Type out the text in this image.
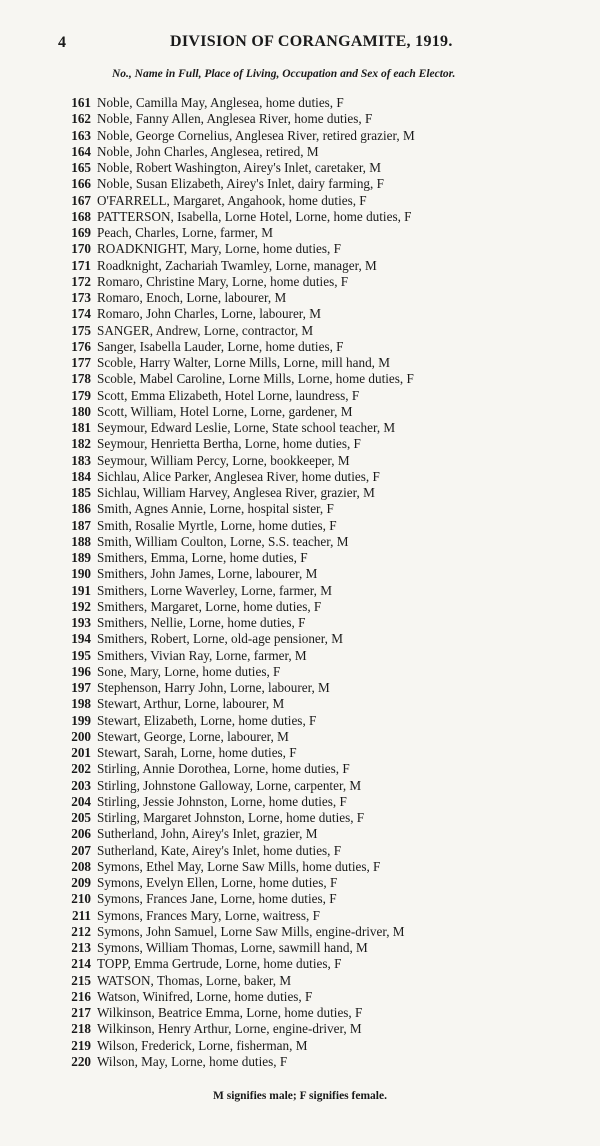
4	DIVISION OF CORANGAMITE, 1919.
No., Name in Full, Place of Living, Occupation and Sex of each Elector.
161 Noble, Camilla May, Anglesea, home duties, F
162 Noble, Fanny Allen, Anglesea River, home duties, F
163 Noble, George Cornelius, Anglesea River, retired grazier, M
164 Noble, John Charles, Anglesea, retired, M
165 Noble, Robert Washington, Airey's Inlet, caretaker, M
166 Noble, Susan Elizabeth, Airey's Inlet, dairy farming, F
167 O'FARRELL, Margaret, Angahook, home duties, F
168 PATTERSON, Isabella, Lorne Hotel, Lorne, home duties, F
169 Peach, Charles, Lorne, farmer, M
170 ROADKNIGHT, Mary, Lorne, home duties, F
171 Roadknight, Zachariah Twamley, Lorne, manager, M
172 Romaro, Christine Mary, Lorne, home duties, F
173 Romaro, Enoch, Lorne, labourer, M
174 Romaro, John Charles, Lorne, labourer, M
175 SANGER, Andrew, Lorne, contractor, M
176 Sanger, Isabella Lauder, Lorne, home duties, F
177 Scoble, Harry Walter, Lorne Mills, Lorne, mill hand, M
178 Scoble, Mabel Caroline, Lorne Mills, Lorne, home duties, F
179 Scott, Emma Elizabeth, Hotel Lorne, laundress, F
180 Scott, William, Hotel Lorne, Lorne, gardener, M
181 Seymour, Edward Leslie, Lorne, State school teacher, M
182 Seymour, Henrietta Bertha, Lorne, home duties, F
183 Seymour, William Percy, Lorne, bookkeeper, M
184 Sichlau, Alice Parker, Anglesea River, home duties, F
185 Sichlau, William Harvey, Anglesea River, grazier, M
186 Smith, Agnes Annie, Lorne, hospital sister, F
187 Smith, Rosalie Myrtle, Lorne, home duties, F
188 Smith, William Coulton, Lorne, S.S. teacher, M
189 Smithers, Emma, Lorne, home duties, F
190 Smithers, John James, Lorne, labourer, M
191 Smithers, Lorne Waverley, Lorne, farmer, M
192 Smithers, Margaret, Lorne, home duties, F
193 Smithers, Nellie, Lorne, home duties, F
194 Smithers, Robert, Lorne, old-age pensioner, M
195 Smithers, Vivian Ray, Lorne, farmer, M
196 Sone, Mary, Lorne, home duties, F
197 Stephenson, Harry John, Lorne, labourer, M
198 Stewart, Arthur, Lorne, labourer, M
199 Stewart, Elizabeth, Lorne, home duties, F
200 Stewart, George, Lorne, labourer, M
201 Stewart, Sarah, Lorne, home duties, F
202 Stirling, Annie Dorothea, Lorne, home duties, F
203 Stirling, Johnstone Galloway, Lorne, carpenter, M
204 Stirling, Jessie Johnston, Lorne, home duties, F
205 Stirling, Margaret Johnston, Lorne, home duties, F
206 Sutherland, John, Airey's Inlet, grazier, M
207 Sutherland, Kate, Airey's Inlet, home duties, F
208 Symons, Ethel May, Lorne Saw Mills, home duties, F
209 Symons, Evelyn Ellen, Lorne, home duties, F
210 Symons, Frances Jane, Lorne, home duties, F
211 Symons, Frances Mary, Lorne, waitress, F
212 Symons, John Samuel, Lorne Saw Mills, engine-driver, M
213 Symons, William Thomas, Lorne, sawmill hand, M
214 TOPP, Emma Gertrude, Lorne, home duties, F
215 WATSON, Thomas, Lorne, baker, M
216 Watson, Winifred, Lorne, home duties, F
217 Wilkinson, Beatrice Emma, Lorne, home duties, F
218 Wilkinson, Henry Arthur, Lorne, engine-driver, M
219 Wilson, Frederick, Lorne, fisherman, M
220 Wilson, May, Lorne, home duties, F
M signifies male; F signifies female.
